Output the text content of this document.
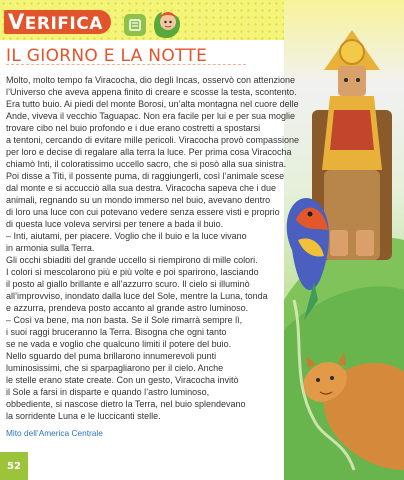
VERIFICA
IL GIORNO E LA NOTTE

Molto, molto tempo fa Viracocha, dio degli Incas, osservò con attenzione

l’Universo che aveva appena finito di creare e scosse la testa, scontento.

Era tutto buio. Ai piedi del monte Borosi, un’alta montagna nel cuore delle

Ande, viveva il vecchio Taguapac. Non era facile per lui e per sua moglie

trovare cibo nel buio profondo e i due erano costretti a spostarsi

a tentoni, cercando di evitare mille pericoli. Viracocha provò compassione

per loro e decise di regalare alla terra la luce. Per prima cosa Viracocha

chiamò Inti, il coloratissimo uccello sacro, che si posò alla sua sinistra.

Poi disse a Titi, il possente puma, di raggiungerli, così l’animale scese

dal monte e si accucciò alla sua destra. Viracocha sapeva che i due

animali, regnando su un mondo immerso nel buio, avevano dentro

di loro una luce con cui potevano vedere senza essere visti e proprio

di questa luce voleva servirsi per tenere a bada il buio.

– Inti, aiutami, per piacere. Voglio che il buio e la luce vivano

in armonia sulla Terra.

Gli occhi sbiaditi del grande uccello si riempirono di mille colori.

I colori si mescolarono più e più volte e poi sparirono, lasciando

il posto al giallo brillante e all’azzurro scuro. Il cielo si illuminò

all’improvviso, inondato dalla luce del Sole, mentre la Luna, tonda

e azzurra, prendeva posto accanto al grande astro luminoso.

– Così va bene, ma non basta. Se il Sole rimarrà sempre lì,

i suoi raggi bruceranno la Terra. Bisogna che ogni tanto

se ne vada e voglio che qualcuno limiti il potere del buio.

Nello sguardo del puma brillarono innumerevoli punti

luminosissimi, che si sparpagliarono per il cielo. Anche

le stelle erano state create. Con un gesto, Viracocha invitò

il Sole a farsi in disparte e quando l’astro luminoso,

obbediente, si nascose dietro la Terra, nel buio splendevano

la sorridente Luna e le luccicanti stelle.

Mito dell’America Centrale
52
